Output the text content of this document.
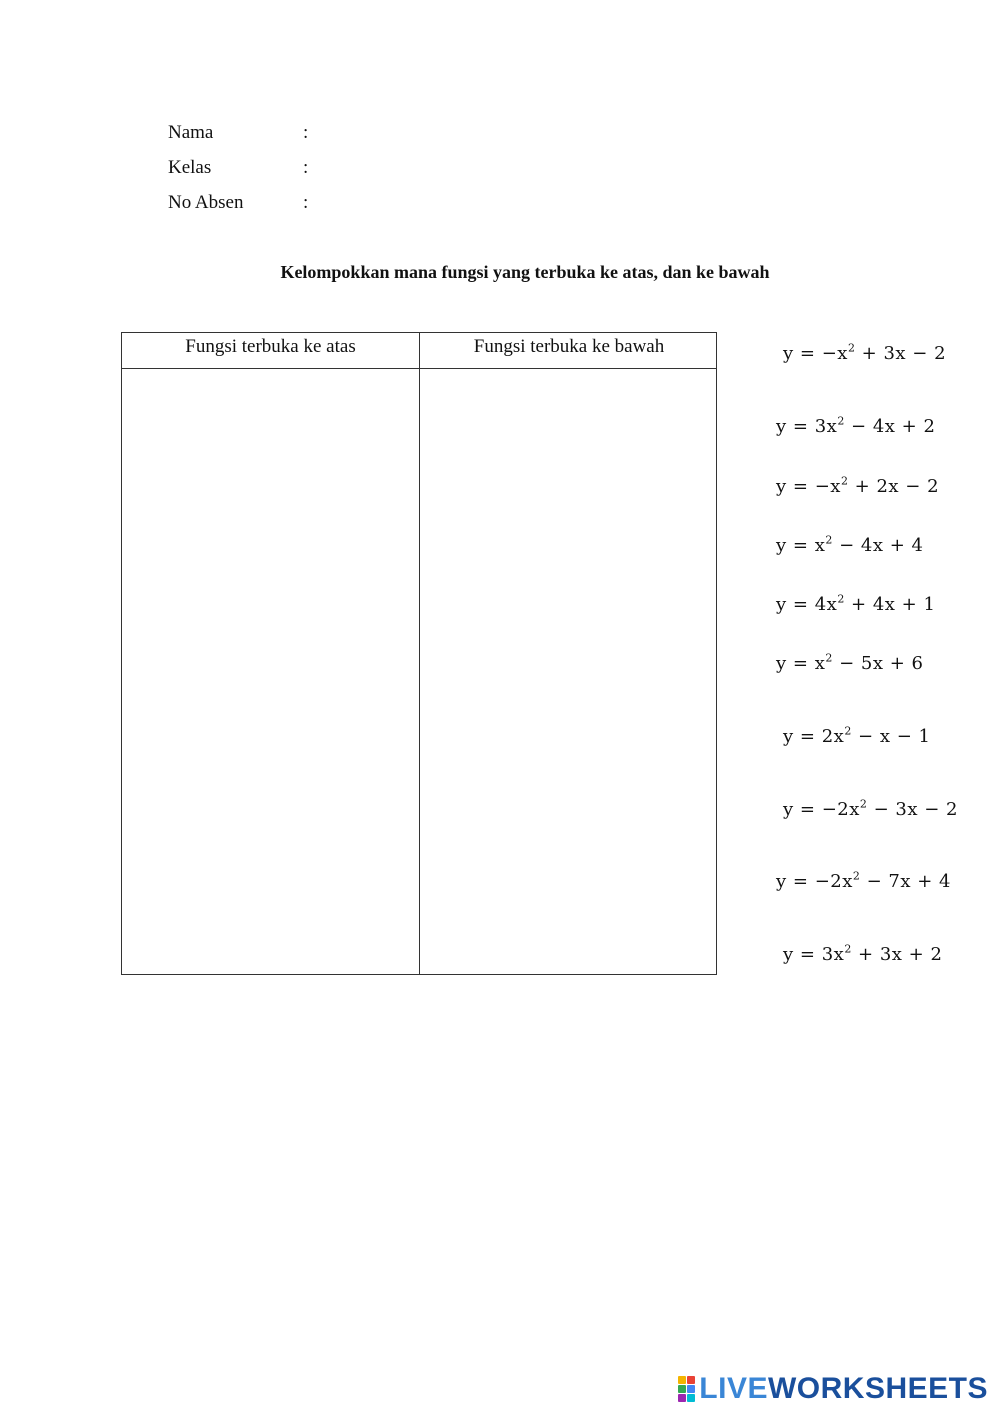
Nama	:
Kelas	:
No Absen	:
Kelompokkan mana fungsi yang terbuka ke atas, dan ke bawah
Fungsi terbuka ke atas	Fungsi terbuka ke bawah	$y = -x^2 + 3x - 2$
$y = 3x^2 - 4x + 2$
$y = -x^2 + 2x - 2$
$y = x^2 - 4x + 4$
$y = 4x^2 + 4x + 1$
$y = x^2 - 5x + 6$
$y = 2x^2 - x - 1$
$y = -2x^2 - 3x - 2$
$y = -2x^2 - 7x + 4$
$y = 3x^2 + 3x + 2$
LIVE WORKSHEETS
